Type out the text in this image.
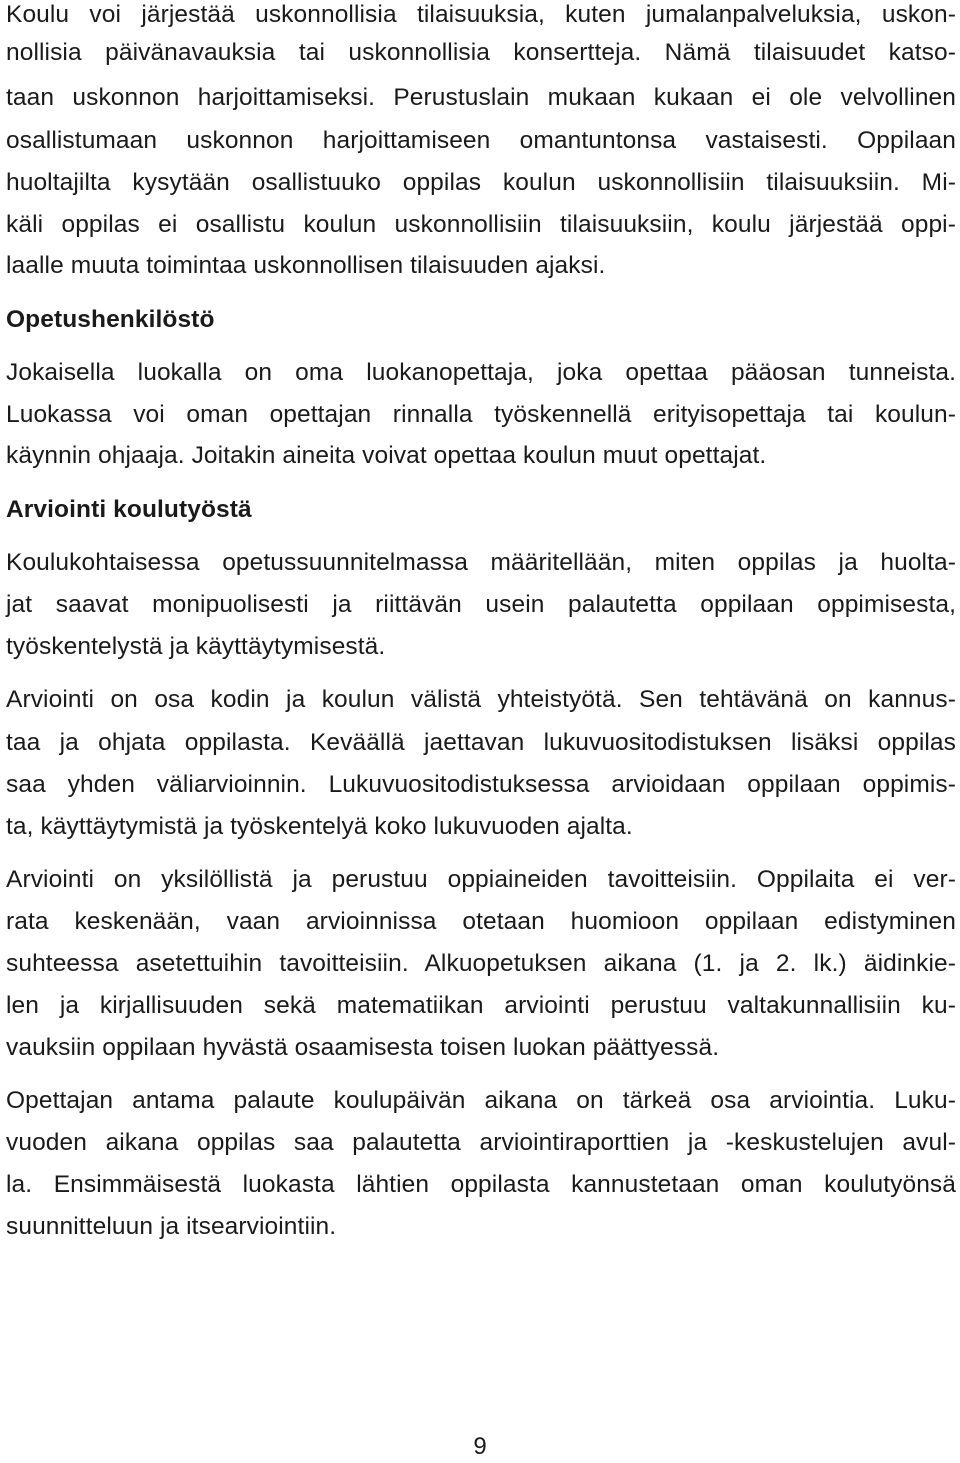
Koulu voi järjestää uskonnollisia tilaisuuksia, kuten jumalanpalveluksia, uskon-
nollisia päivänavauksia tai uskonnollisia konsertteja. Nämä tilaisuudet katso-
taan uskonnon harjoittamiseksi. Perustuslain mukaan kukaan ei ole velvollinen
osallistumaan uskonnon harjoittamiseen omantuntonsa vastaisesti. Oppilaan
huoltajilta kysytään osallistuuko oppilas koulun uskonnollisiin tilaisuuksiin. Mi-
käli oppilas ei osallistu koulun uskonnollisiin tilaisuuksiin, koulu järjestää oppi-
laalle muuta toimintaa uskonnollisen tilaisuuden ajaksi.
Opetushenkilöstö
Jokaisella luokalla on oma luokanopettaja, joka opettaa pääosan tunneista.
Luokassa voi oman opettajan rinnalla työskennellä erityisopettaja tai koulun-
käynnin ohjaaja. Joitakin aineita voivat opettaa koulun muut opettajat.
Arviointi koulutyöstä
Koulukohtaisessa opetussuunnitelmassa määritellään, miten oppilas ja huolta-
jat saavat monipuolisesti ja riittävän usein palautetta oppilaan oppimisesta,
työskentelystä ja käyttäytymisestä.
Arviointi on osa kodin ja koulun välistä yhteistyötä. Sen tehtävänä on kannus-
taa ja ohjata oppilasta. Keväällä jaettavan lukuvuositodistuksen lisäksi oppilas
saa yhden väliarvioinnin. Lukuvuositodistuksessa arvioidaan oppilaan oppimis-
ta, käyttäytymistä ja työskentelyä koko lukuvuoden ajalta.
Arviointi on yksilöllistä ja perustuu oppiaineiden tavoitteisiin. Oppilaita ei ver-
rata keskenään, vaan arvioinnissa otetaan huomioon oppilaan edistyminen
suhteessa asetettuihin tavoitteisiin. Alkuopetuksen aikana (1. ja 2. lk.) äidinkie-
len ja kirjallisuuden sekä matematiikan arviointi perustuu valtakunnallisiin ku-
vauksiin oppilaan hyvästä osaamisesta toisen luokan päättyessä.
Opettajan antama palaute koulupäivän aikana on tärkeä osa arviointia. Luku-
vuoden aikana oppilas saa palautetta arviointiraporttien ja -keskustelujen avul-
la. Ensimmäisestä luokasta lähtien oppilasta kannustetaan oman koulutyönsä
suunnitteluun ja itsearviointiin.
9
